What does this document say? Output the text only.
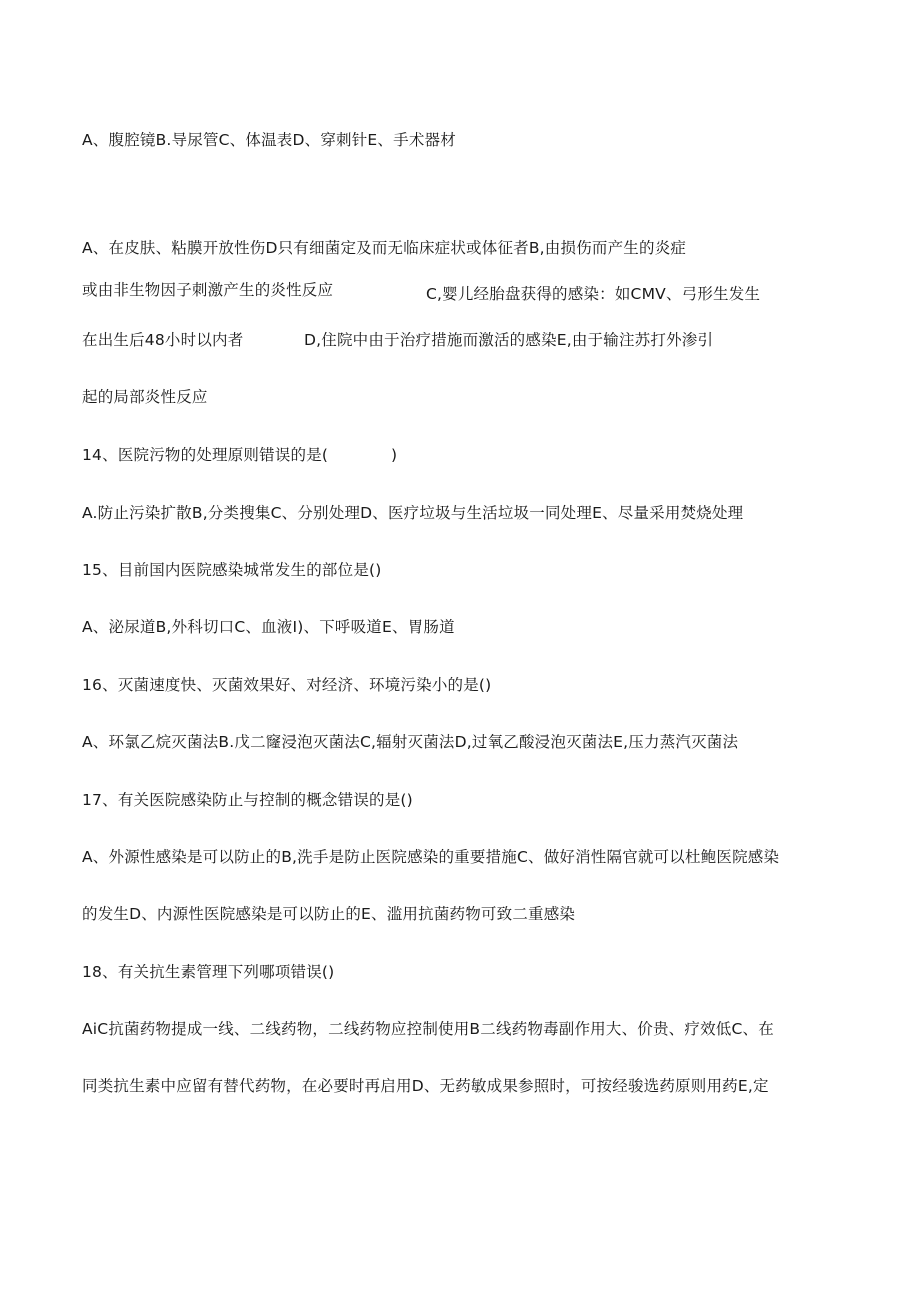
A、腹腔镜B.导尿管C、体温表D、穿刺针E、手术器材
A、在皮肤、粘膜开放性伤D只有细菌定及而无临床症状或体征者B,由损伤而产生的炎症
或由非生物因子刺激产生的炎性反应	C,婴儿经胎盘获得的感染：如CMV、弓形生发生
在出生后48小时以内者	D,住院中由于治疗措施而激活的感染E,由于输注苏打外渗引
起的局部炎性反应
14、医院污物的处理原则错误的是(　　　　)
A.防止污染扩散B,分类搜集C、分别处理D、医疗垃圾与生活垃圾一同处理E、尽量采用焚烧处理
15、目前国内医院感染城常发生的部位是()
A、泌尿道B,外科切口C、血液I)、下呼吸道E、胃肠道
16、灭菌速度快、灭菌效果好、对经济、环境污染小的是()
A、环氯乙烷灭菌法B.戊二窿浸泡灭菌法C,辐射灭菌法D,过氧乙酸浸泡灭菌法E,压力蒸汽灭菌法
17、有关医院感染防止与控制的概念错误的是()
A、外源性感染是可以防止的B,洗手是防止医院感染的重要措施C、做好消性隔官就可以杜鲍医院感染
的发生D、内源性医院感染是可以防止的E、滥用抗菌药物可致二重感染
18、有关抗生素管理下列哪项错误()
AiC抗菌药物提成一线、二线药物，二线药物应控制使用B二线药物毒副作用大、价贵、疗效低C、在
同类抗生素中应留有替代药物，在必要时再启用D、无药敏成果参照时，可按经骏选药原则用药E,定
